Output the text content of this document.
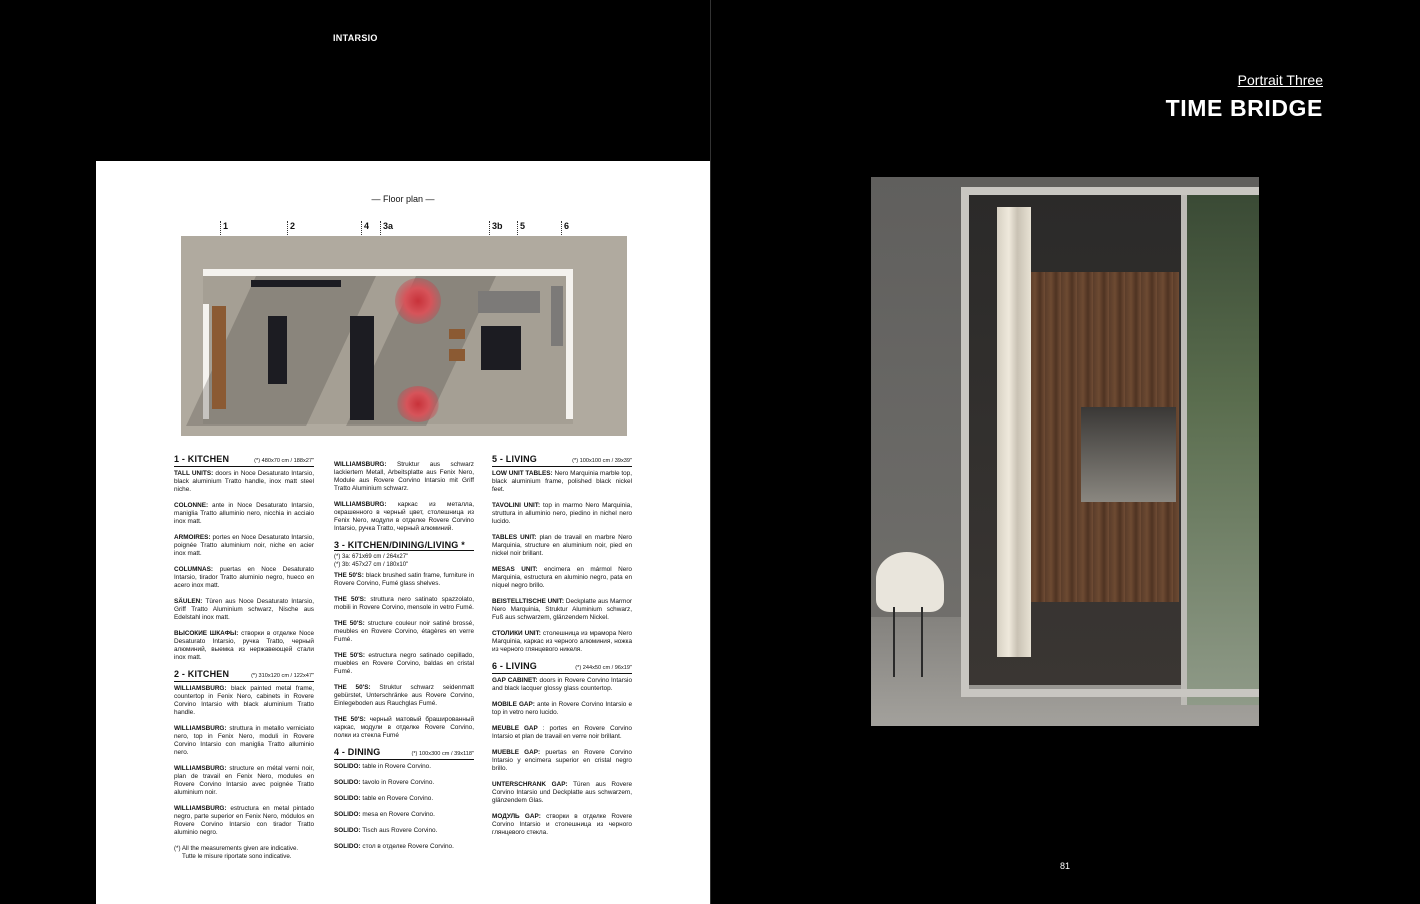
INTARSIO
— Floor plan —
1	2	4 3a	3b 5	6
1 - KITCHEN	(*) 480x70 cm / 188x27"
TALL UNITS: doors in Noce Desaturato Intarsio, black aluminium Tratto handle, inox matt steel niche.
COLONNE: ante in Noce Desaturato Intarsio, maniglia Tratto alluminio nero, nicchia in acciaio inox matt.
ARMOIRES: portes en Noce Desaturato Intarsio, poignée Tratto aluminium noir, niche en acier inox matt.
COLUMNAS: puertas en Noce Desaturato Intarsio, tirador Tratto aluminio negro, hueco en acero inox matt.
SÄULEN: Türen aus Noce Desaturato Intarsio, Griff Tratto Aluminium schwarz, Nische aus Edelstahl inox matt.
ВЫСОКИЕ ШКАФЫ: створки в отделке Noce Desaturato Intarsio, ручка Tratto, черный алюминий, выемка из нержавеющей стали inox matt.
2 - KITCHEN	(*) 310x120 cm / 122x47"
WILLIAMSBURG: black painted metal frame, countertop in Fenix Nero, cabinets in Rovere Corvino Intarsio with black aluminium Tratto handle.
WILLIAMSBURG: struttura in metallo verniciato nero, top in Fenix Nero, moduli in Rovere Corvino Intarsio con maniglia Tratto alluminio nero.
WILLIAMSBURG: structure en métal verni noir, plan de travail en Fenix Nero, modules en Rovere Corvino Intarsio avec poignée Tratto aluminium noir.
WILLIAMSBURG: estructura en metal pintado negro, parte superior en Fenix Nero, módulos en Rovere Corvino Intarsio con tirador Tratto aluminio negro.
(*) All the measurements given are indicative.
Tutte le misure riportate sono indicative.
WILLIAMSBURG: Struktur aus schwarz lackiertem Metall, Arbeitsplatte aus Fenix Nero, Module aus Rovere Corvino Intarsio mit Griff Tratto Aluminium schwarz.
WILLIAMSBURG: каркас из металла, окрашенного в черный цвет, столешница из Fenix Nero, модули в отделке Rovere Corvino Intarsio, ручка Tratto, черный алюминий.
3 - KITCHEN/DINING/LIVING *
(*) 3a: 671x69 cm / 264x27"
(*) 3b: 457x27 cm / 180x10"
THE 50'S: black brushed satin frame, furniture in Rovere Corvino, Fumé glass shelves.
THE 50'S: struttura nero satinato spazzolato, mobili in Rovere Corvino, mensole in vetro Fumé.
THE 50'S: structure couleur noir satiné brossé, meubles en Rovere Corvino, étagères en verre Fumé.
THE 50'S: estructura negro satinado cepillado, muebles en Rovere Corvino, baldas en cristal Fumé.
THE 50'S: Struktur schwarz seidenmatt gebürstet, Unterschränke aus Rovere Corvino, Einlegeboden aus Rauchglas Fumé.
THE 50'S: черный матовый брашированный каркас, модули в отделке Rovere Corvino, полки из стекла Fumé
4 - DINING	(*) 100x300 cm / 39x118"
SOLIDO: table in Rovere Corvino.
SOLIDO: tavolo in Rovere Corvino.
SOLIDO: table en Rovere Corvino.
SOLIDO: mesa en Rovere Corvino.
SOLIDO: Tisch aus Rovere Corvino.
SOLIDO: стол в отделке Rovere Corvino.
5 - LIVING	(*) 100x100 cm / 39x39"
LOW UNIT TABLES: Nero Marquinia marble top, black aluminium frame, polished black nickel feet.
TAVOLINI UNIT: top in marmo Nero Marquinia, struttura in alluminio nero, piedino in nichel nero lucido.
TABLES UNIT: plan de travail en marbre Nero Marquinia, structure en aluminium noir, pied en nickel noir brillant.
MESAS UNIT: encimera en mármol Nero Marquinia, estructura en aluminio negro, pata en níquel negro brillo.
BEISTELLTISCHE UNIT: Deckplatte aus Marmor Nero Marquinia, Struktur Aluminium schwarz, Fuß aus schwarzem, glänzendem Nickel.
СТОЛИКИ UNIT: столешница из мрамора Nero Marquinia, каркас из черного алюминия, ножка из черного глянцевого никеля.
6 - LIVING	(*) 244x50 cm / 96x19"
GAP CABINET: doors in Rovere Corvino Intarsio and black lacquer glossy glass countertop.
MOBILE GAP: ante in Rovere Corvino Intarsio e top in vetro nero lucido.
MEUBLE GAP : portes en Rovere Corvino Intarsio et plan de travail en verre noir brillant.
MUEBLE GAP: puertas en Rovere Corvino Intarsio y encimera superior en cristal negro brillo.
UNTERSCHRANK GAP: Türen aus Rovere Corvino Intarsio und Deckplatte aus schwarzem, glänzendem Glas.
МОДУЛЬ GAP: створки в отделке Rovere Corvino Intarsio и столешница из черного глянцевого стекла.
Portrait Three
TIME BRIDGE
81
